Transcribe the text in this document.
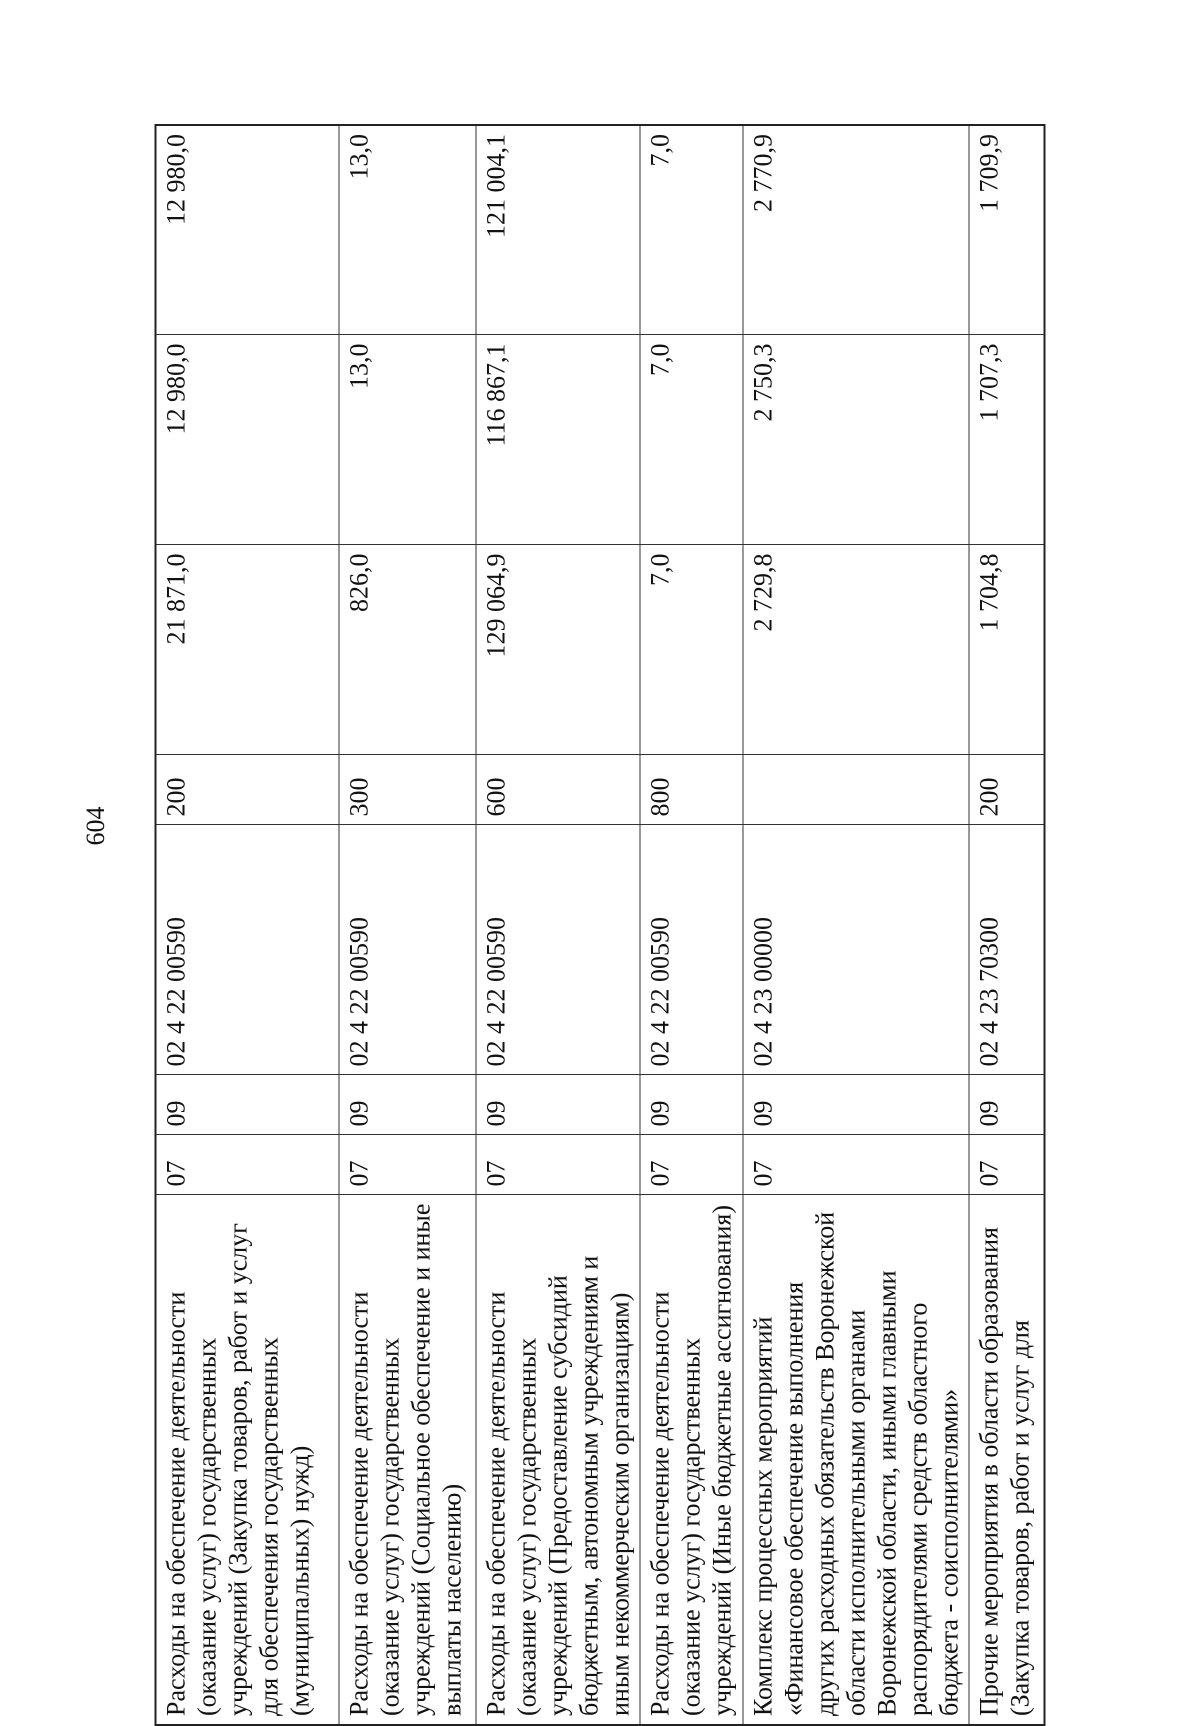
604
Расходы на обеспечение деятельности (оказание услуг) государственных учреждений (Закупка товаров, работ и услуг для обеспечения государственных (муниципальных) нужд)	07	09	02 4 22 00590	200	21 871,0	12 980,0	12 980,0
Расходы на обеспечение деятельности (оказание услуг) государственных учреждений (Социальное обеспечение и иные выплаты населению)	07	09	02 4 22 00590	300	826,0	13,0	13,0
Расходы на обеспечение деятельности (оказание услуг) государственных учреждений (Предоставление субсидий бюджетным, автономным учреждениям и иным некоммерческим организациям)	07	09	02 4 22 00590	600	129 064,9	116 867,1	121 004,1
Расходы на обеспечение деятельности (оказание услуг) государственных учреждений (Иные бюджетные ассигнования)	07	09	02 4 22 00590	800	7,0	7,0	7,0
Комплекс процессных мероприятий «Финансовое обеспечение выполнения других расходных обязательств Воронежской области исполнительными органами Воронежской области, иными главными распорядителями средств областного бюджета - соисполнителями»	07	09	02 4 23 00000		2 729,8	2 750,3	2 770,9
Прочие мероприятия в области образования (Закупка товаров, работ и услуг для	07	09	02 4 23 70300	200	1 704,8	1 707,3	1 709,9
